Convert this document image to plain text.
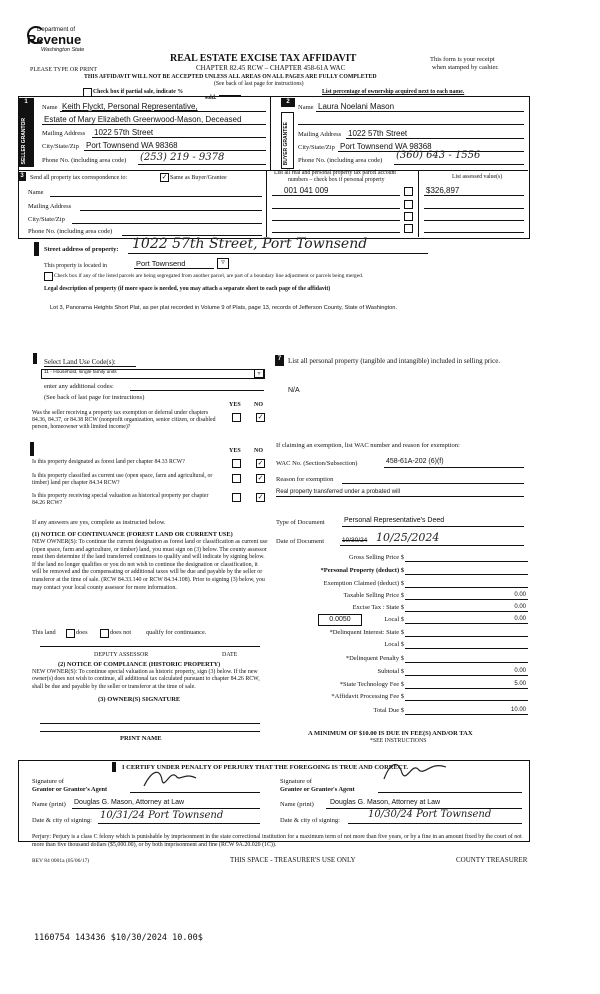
Department of
Revenue
Washington State
PLEASE TYPE OR PRINT
REAL ESTATE EXCISE TAX AFFIDAVIT
CHAPTER 82.45 RCW – CHAPTER 458-61A WAC
THIS AFFIDAVIT WILL NOT BE ACCEPTED UNLESS ALL AREAS ON ALL PAGES ARE FULLY COMPLETED
(See back of last page for instructions)
This form is your receipt
when stamped by cashier.
Check box if partial sale, indicate %
sold.
List percentage of ownership acquired next to each name.
1
SELLER GRANTOR
Name Keith Flyckt, Personal Representative,
Estate of Mary Elizabeth Greenwood-Mason, Deceased
Mailing Address 1022 57th Street
City/State/Zip Port Townsend WA 98368
Phone No. (including area code) (253) 219 - 9378
2
BUYER GRANTEE
Name Laura Noelani Mason
Mailing Address 1022 57th Street
City/State/Zip Port Townsend WA 98368
Phone No. (including area code) (360) 643 - 1556
3	Send all property tax correspondence to:	✓ Same as Buyer/Grantee
Name
Mailing Address
City/State/Zip
Phone No. (including area code)
List all real and personal property tax parcel account
numbers – check box if personal property	List assessed value(s)
001 041 009	$326,897
Street address of property: 1022 57th Street, Port Townsend
This property is located in	Port Townsend	▿
Check box if any of the listed parcels are being segregated from another parcel, are part of a boundary line adjustment or parcels being merged.
Legal description of property (if more space is needed, you may attach a separate sheet to each page of the affidavit)
Lot 3, Panorama Heights Short Plat, as per plat recorded in Volume 9 of Plats, page 13, records of Jefferson County, State of Washington.
Select Land Use Code(s):
11 - Household, single family units	▿
enter any additional codes:
(See back of last page for instructions)
YES NO
Was the seller receiving a property tax exemption or deferral under chapters 84.36, 84.37, or 84.38 RCW (nonprofit organization, senior citizen, or disabled person, homeowner with limited income)?
✓
YES NO
Is this property designated as forest land per chapter 84.33 RCW?	✓
Is this property classified as current use (open space, farm and agricultural, or timber) land per chapter 84.34 RCW?
✓
Is this property receiving special valuation as historical property per chapter 84.26 RCW?
✓
If any answers are yes, complete as instructed below.
(1) NOTICE OF CONTINUANCE (FOREST LAND OR CURRENT USE)
NEW OWNER(S): To continue the current designation as forest land or classification as current use (open space, farm and agriculture, or timber) land, you must sign on (3) below. The county assessor must then determine if the land transferred continues to qualify and will indicate by signing below. If the land no longer qualifies or you do not wish to continue the designation or classification, it will be removed and the compensating or additional taxes will be due and payable by the seller or transferor at the time of sale. (RCW 84.33.140 or RCW 84.34.108). Prior to signing (3) below, you may contact your local county assessor for more information.
This land	does	does not qualify for continuance.
DEPUTY ASSESSOR	DATE
(2) NOTICE OF COMPLIANCE (HISTORIC PROPERTY)
NEW OWNER(S): To continue special valuation as historic property, sign (3) below. If the new owner(s) does not wish to continue, all additional tax calculated pursuant to chapter 84.26 RCW, shall be due and payable by the seller or transferor at the time of sale.
(3) OWNER(S) SIGNATURE
PRINT NAME
7 List all personal property (tangible and intangible) included in selling price.
N/A
If claiming an exemption, list WAC number and reason for exemption:
WAC No. (Section/Subsection)	458-61A-202 (6)(f)
Reason for exemption
Real property transferred under a probated will
Type of Document	Personal Representative's Deed
Date of Document	10/30/24 10/25/2024
Gross Selling Price $
*Personal Property (deduct) $
Exemption Claimed (deduct) $
Taxable Selling Price $	0.00
Excise Tax : State $	0.00
0.0050	Local $	0.00
*Delinquent Interest: State $
Local $
*Delinquent Penalty $
Subtotal $	0.00
*State Technology Fee $	5.00
*Affidavit Processing Fee $	5.00
Total Due $	10.00
A MINIMUM OF $10.00 IS DUE IN FEE(S) AND/OR TAX
*SEE INSTRUCTIONS
I CERTIFY UNDER PENALTY OF PERJURY THAT THE FOREGOING IS TRUE AND CORRECT.
Signature of
Grantor or Grantor's Agent
Signature of
Grantee or Grantee's Agent
Name (print) Douglas G. Mason, Attorney at Law	Name (print) Douglas G. Mason, Attorney at Law
Date & city of signing: 10/31/24 Port Townsend	Date & city of signing:
10/30/24 Port Townsend
Perjury: Perjury is a class C felony which is punishable by imprisonment in the state correctional institution for a maximum term of not more than five years, or by a fine in an amount fixed by the court of not more than five thousand dollars ($5,000.00), or by both imprisonment and fine (RCW 9A.20.020 (1C)).
REV 84 0001a (05/06/17)	THIS SPACE - TREASURER'S USE ONLY	COUNTY TREASURER
1160754 143436 $10/30/2024 10.00$
